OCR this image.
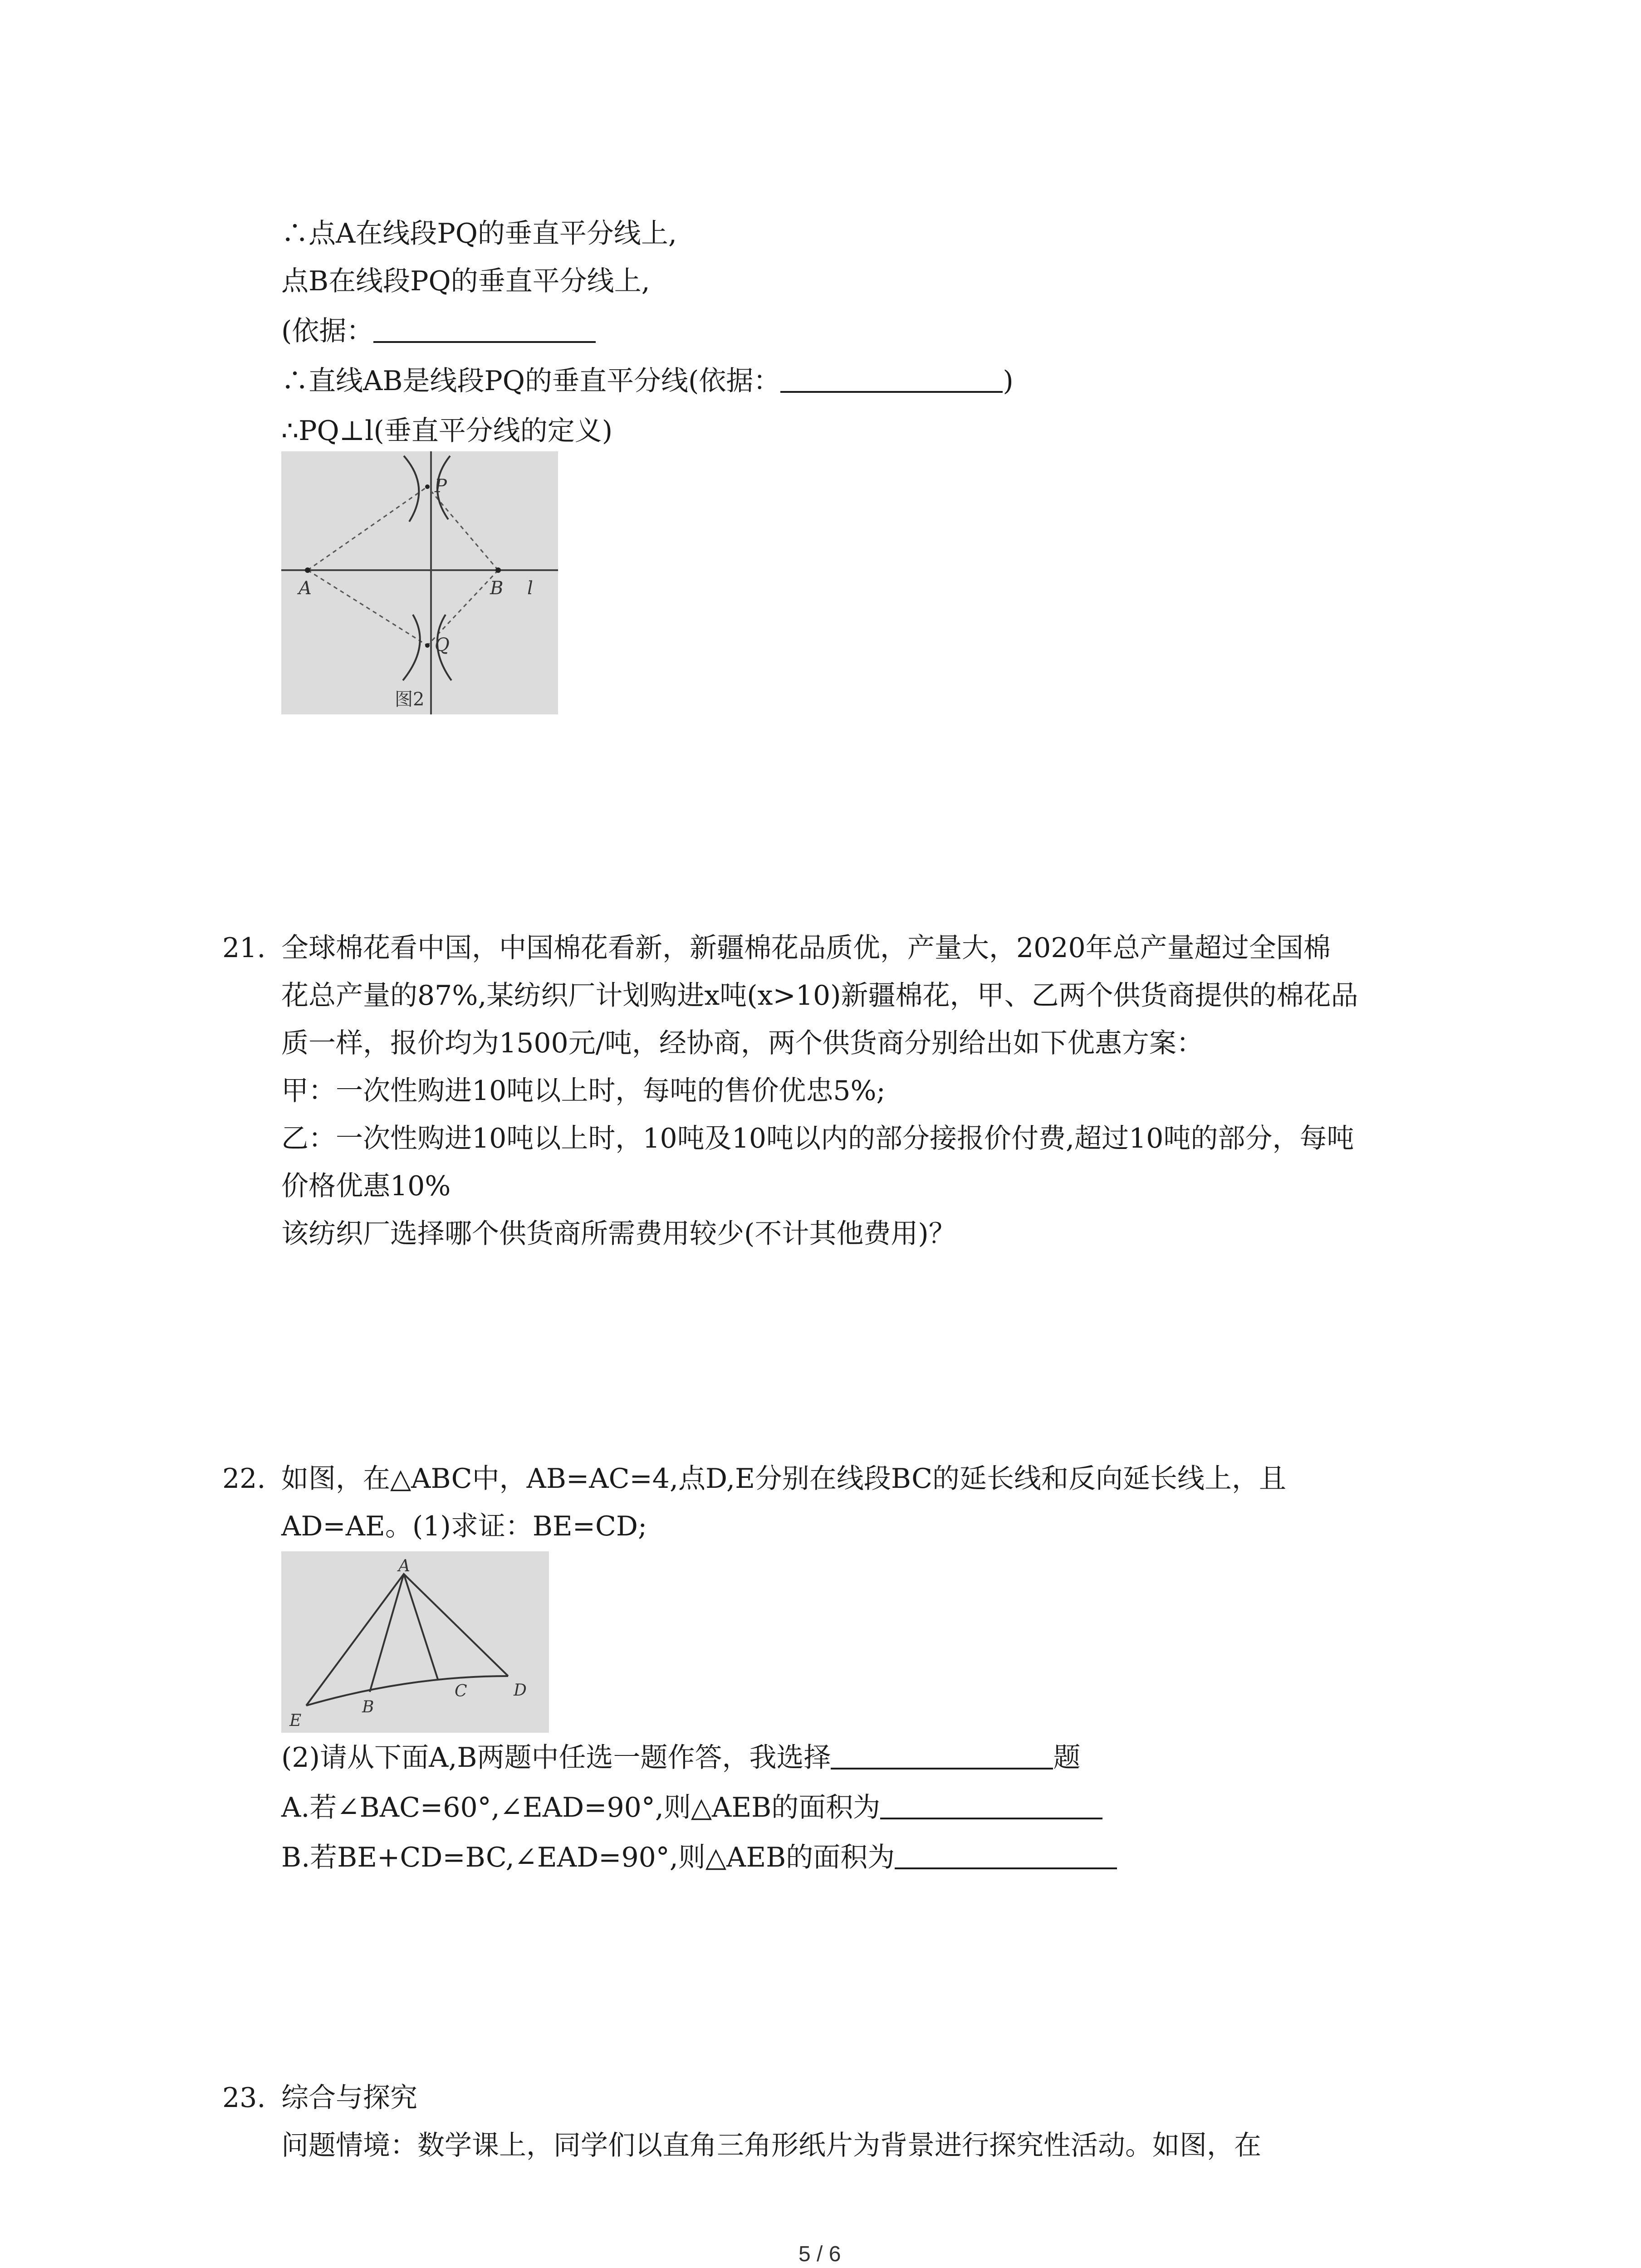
∴点A在线段PQ的垂直平分线上,
点B在线段PQ的垂直平分线上,
(依据：
∴直线AB是线段PQ的垂直平分线(依据：	)
∴PQ⊥l(垂直平分线的定义)
P
Q
A	B l
图2
21. 全球棉花看中国，中国棉花看新，新疆棉花品质优，产量大，2020年总产量超过全国棉
花总产量的87%,某纺织厂计划购进x吨(x>10)新疆棉花，甲、乙两个供货商提供的棉花品
质一样，报价均为1500元/吨，经协商，两个供货商分别给出如下优惠方案：
甲：一次性购进10吨以上时，每吨的售价优忠5%;
乙：一次性购进10吨以上时，10吨及10吨以内的部分接报价付费,超过10吨的部分，每吨
价格优惠10%
该纺织厂选择哪个供货商所需费用较少(不计其他费用)？
22. 如图，在△ABC中，AB=AC=4,点D,E分别在线段BC的延长线和反向延长线上，且
AD=AE。(1)求证：BE=CD;
A
E
B
C	D
(2)请从下面A,B两题中任选一题作答，我选择	题
A.若∠BAC=60°,∠EAD=90°,则△AEB的面积为
B.若BE+CD=BC,∠EAD=90°,则△AEB的面积为
23. 综合与探究
问题情境：数学课上，同学们以直角三角形纸片为背景进行探究性活动。如图，在
5 / 6
